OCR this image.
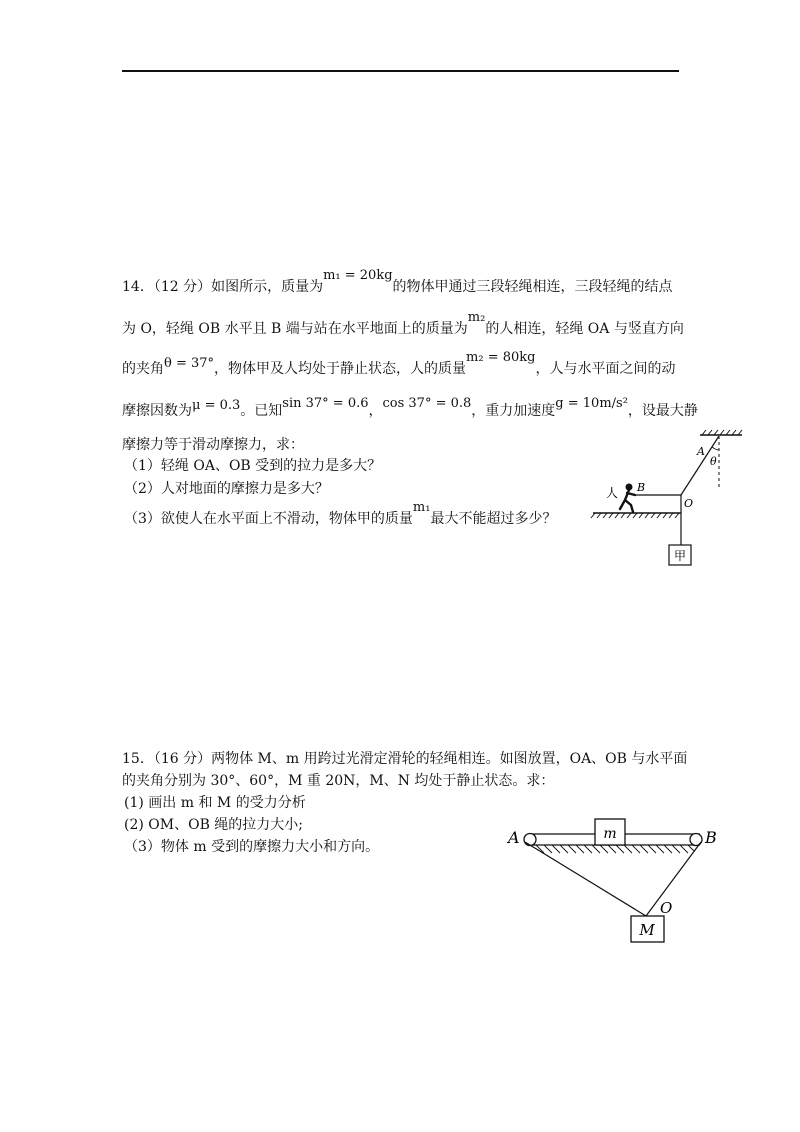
14．（12 分）如图所示，质量为m₁ = 20kg的物体甲通过三段轻绳相连，三段轻绳的结点
为 O，轻绳 OB 水平且 B 端与站在水平地面上的质量为m₂的人相连，轻绳 OA 与竖直方向
的夹角θ = 37°，物体甲及人均处于静止状态，人的质量m₂ = 80kg，人与水平面之间的动
摩擦因数为μ = 0.3。已知sin 37° = 0.6，cos 37° = 0.8，重力加速度g = 10m/s²，设最大静
摩擦力等于滑动摩擦力，求：
（1）轻绳 OA、OB 受到的拉力是多大？
（2）人对地面的摩擦力是多大？
（3）欲使人在水平面上不滑动，物体甲的质量m₁最大不能超过多少？
甲
A
θ
人 B
O
15．（16 分）两物体 M、m 用跨过光滑定滑轮的轻绳相连。如图放置，OA、OB 与水平面
的夹角分别为 30°、60°，M 重 20N，M、N 均处于静止状态。求：
(1) 画出 m 和 M 的受力分析
(2) OM、OB 绳的拉力大小;
（3）物体 m 受到的摩擦力大小和方向。
m
M
A	B
O
